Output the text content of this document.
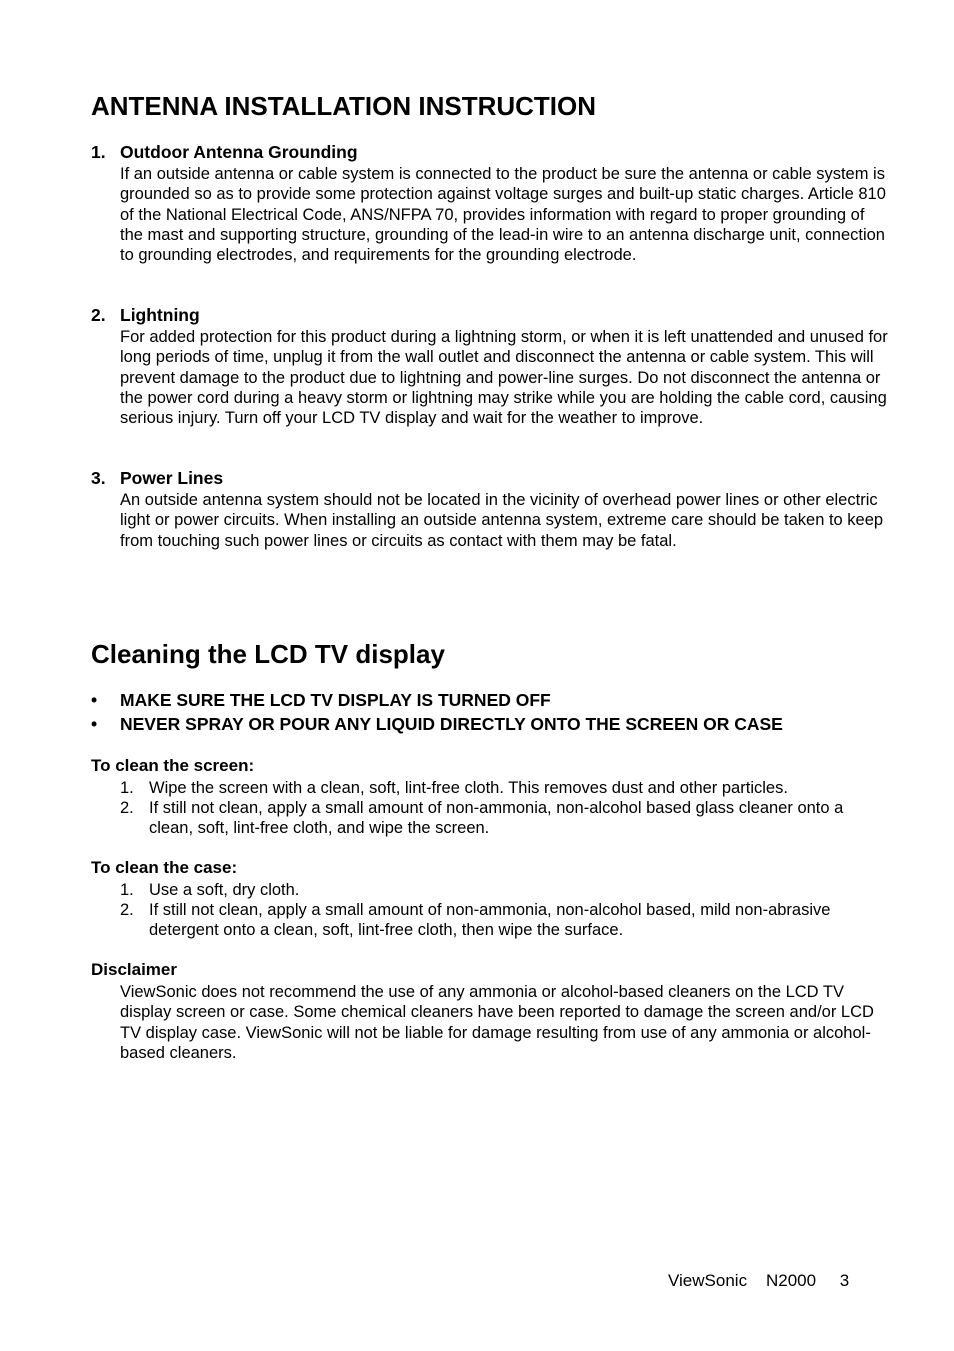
ANTENNA INSTALLATION INSTRUCTION
1. Outdoor Antenna Grounding

If an outside antenna or cable system is connected to the product be sure the antenna or cable system is grounded so as to provide some protection against voltage surges and built-up static charges. Article 810 of the National Electrical Code, ANS/NFPA 70, provides information with regard to proper grounding of the mast and supporting structure, grounding of the lead-in wire to an antenna discharge unit, connection to grounding electrodes, and requirements for the grounding electrode.

2. Lightning

For added protection for this product during a lightning storm, or when it is left unattended and unused for long periods of time, unplug it from the wall outlet and disconnect the antenna or cable system. This will prevent damage to the product due to lightning and power-line surges. Do not disconnect the antenna or the power cord during a heavy storm or lightning may strike while you are holding the cable cord, causing serious injury. Turn off your LCD TV display and wait for the weather to improve.

3. Power Lines

An outside antenna system should not be located in the vicinity of overhead power lines or other electric light or power circuits. When installing an outside antenna system, extreme care should be taken to keep from touching such power lines or circuits as contact with them may be fatal.

Cleaning the LCD TV display
• MAKE SURE THE LCD TV DISPLAY IS TURNED OFF
• NEVER SPRAY OR POUR ANY LIQUID DIRECTLY ONTO THE SCREEN OR CASE
To clean the screen:
1. Wipe the screen with a clean, soft, lint-free cloth. This removes dust and other particles.
2. If still not clean, apply a small amount of non-ammonia, non-alcohol based glass cleaner onto a clean, soft, lint-free cloth, and wipe the screen.
To clean the case:
1. Use a soft, dry cloth.
2. If still not clean, apply a small amount of non-ammonia, non-alcohol based, mild non-abrasive detergent onto a clean, soft, lint-free cloth, then wipe the surface.
Disclaimer

ViewSonic does not recommend the use of any ammonia or alcohol-based cleaners on the LCD TV display screen or case. Some chemical cleaners have been reported to damage the screen and/or LCD TV display case. ViewSonic will not be liable for damage resulting from use of any ammonia or alcohol-based cleaners.

ViewSonic N2000 3
